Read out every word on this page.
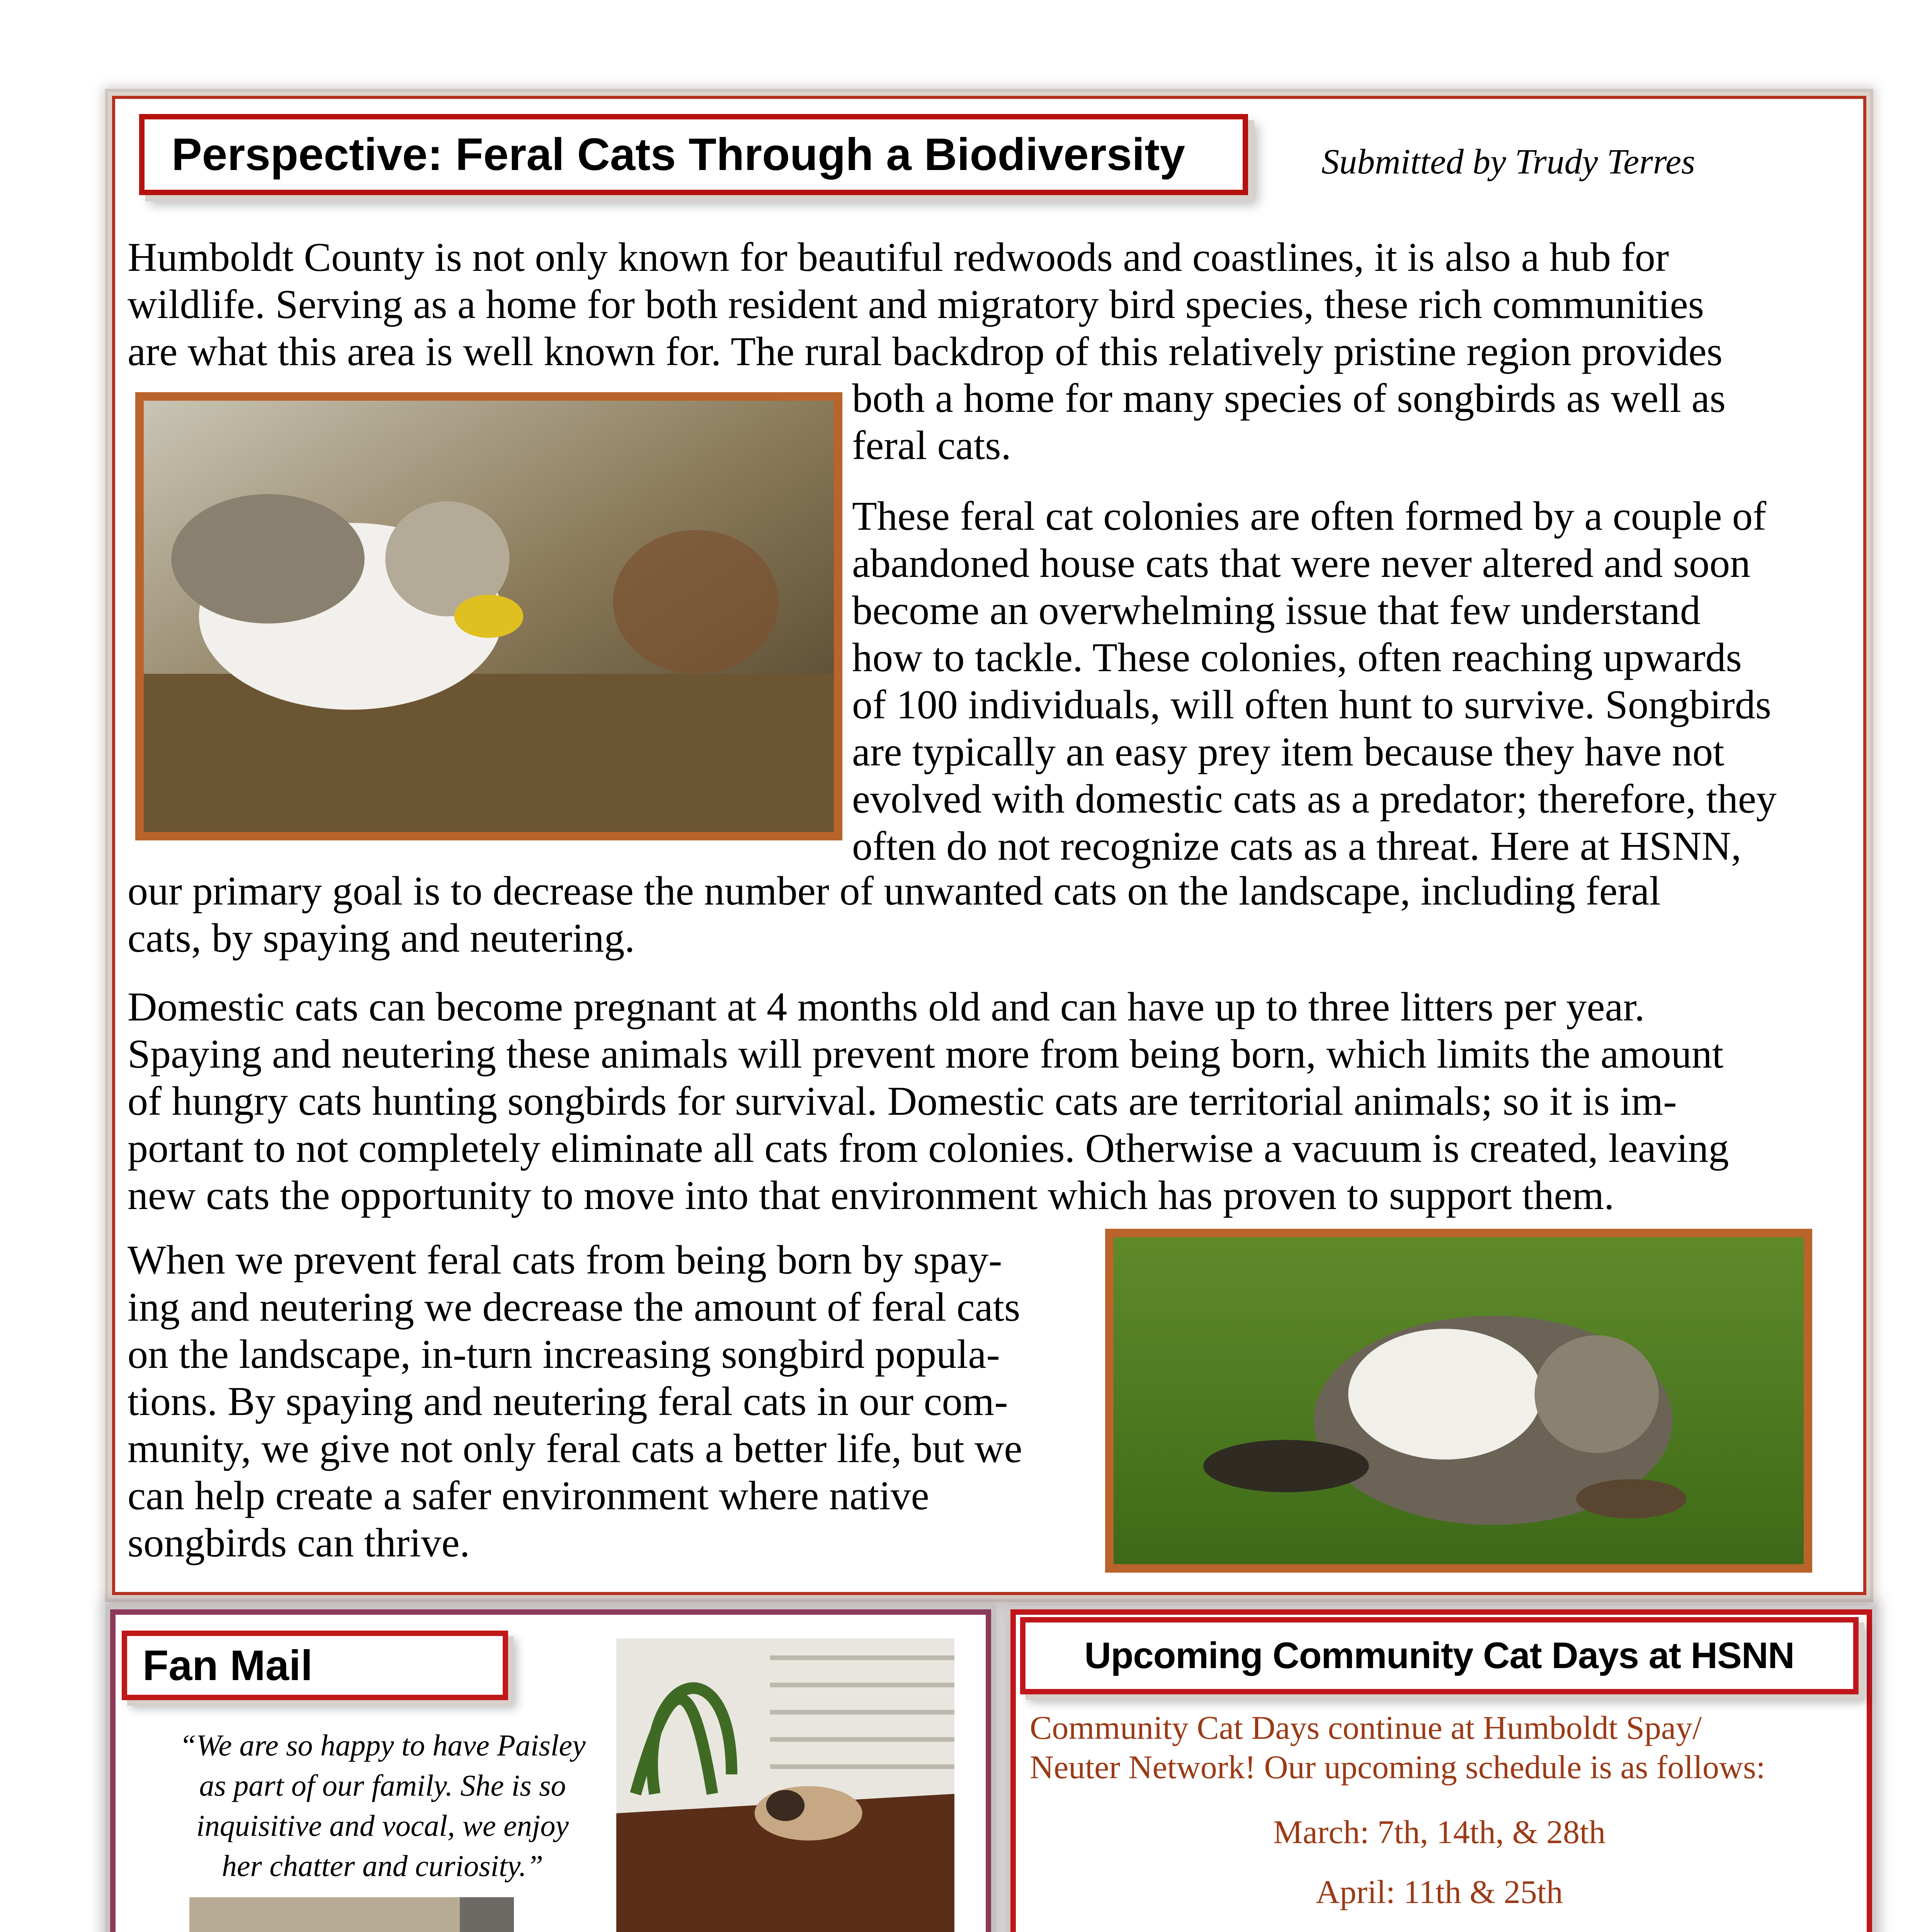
Perspective: Feral Cats Through a Biodiversity	Submitted by Trudy Terres
Humboldt County is not only known for beautiful redwoods and coastlines, it is also a hub for
wildlife. Serving as a home for both resident and migratory bird species, these rich communities
are what this area is well known for. The rural backdrop of this relatively pristine region provides
both a home for many species of songbirds as well as
feral cats.
These feral cat colonies are often formed by a couple of
abandoned house cats that were never altered and soon
become an overwhelming issue that few understand
how to tackle. These colonies, often reaching upwards
of 100 individuals, will often hunt to survive. Songbirds
are typically an easy prey item because they have not
evolved with domestic cats as a predator; therefore, they
often do not recognize cats as a threat. Here at HSNN,
our primary goal is to decrease the number of unwanted cats on the landscape, including feral
cats, by spaying and neutering.
Domestic cats can become pregnant at 4 months old and can have up to three litters per year.
Spaying and neutering these animals will prevent more from being born, which limits the amount
of hungry cats hunting songbirds for survival. Domestic cats are territorial animals; so it is im-
portant to not completely eliminate all cats from colonies. Otherwise a vacuum is created, leaving
new cats the opportunity to move into that environment which has proven to support them.
When we prevent feral cats from being born by spay-
ing and neutering we decrease the amount of feral cats
on the landscape, in-turn increasing songbird popula-
tions. By spaying and neutering feral cats in our com-
munity, we give not only feral cats a better life, but we
can help create a safer environment where native
songbirds can thrive.
Fan Mail
“We are so happy to have Paisley
as part of our family. She is so
inquisitive and vocal, we enjoy
her chatter and curiosity.”
Upcoming Community Cat Days at HSNN
Community Cat Days continue at Humboldt Spay/
Neuter Network! Our upcoming schedule is as follows:
March: 7th, 14th, & 28th
April: 11th & 25th
